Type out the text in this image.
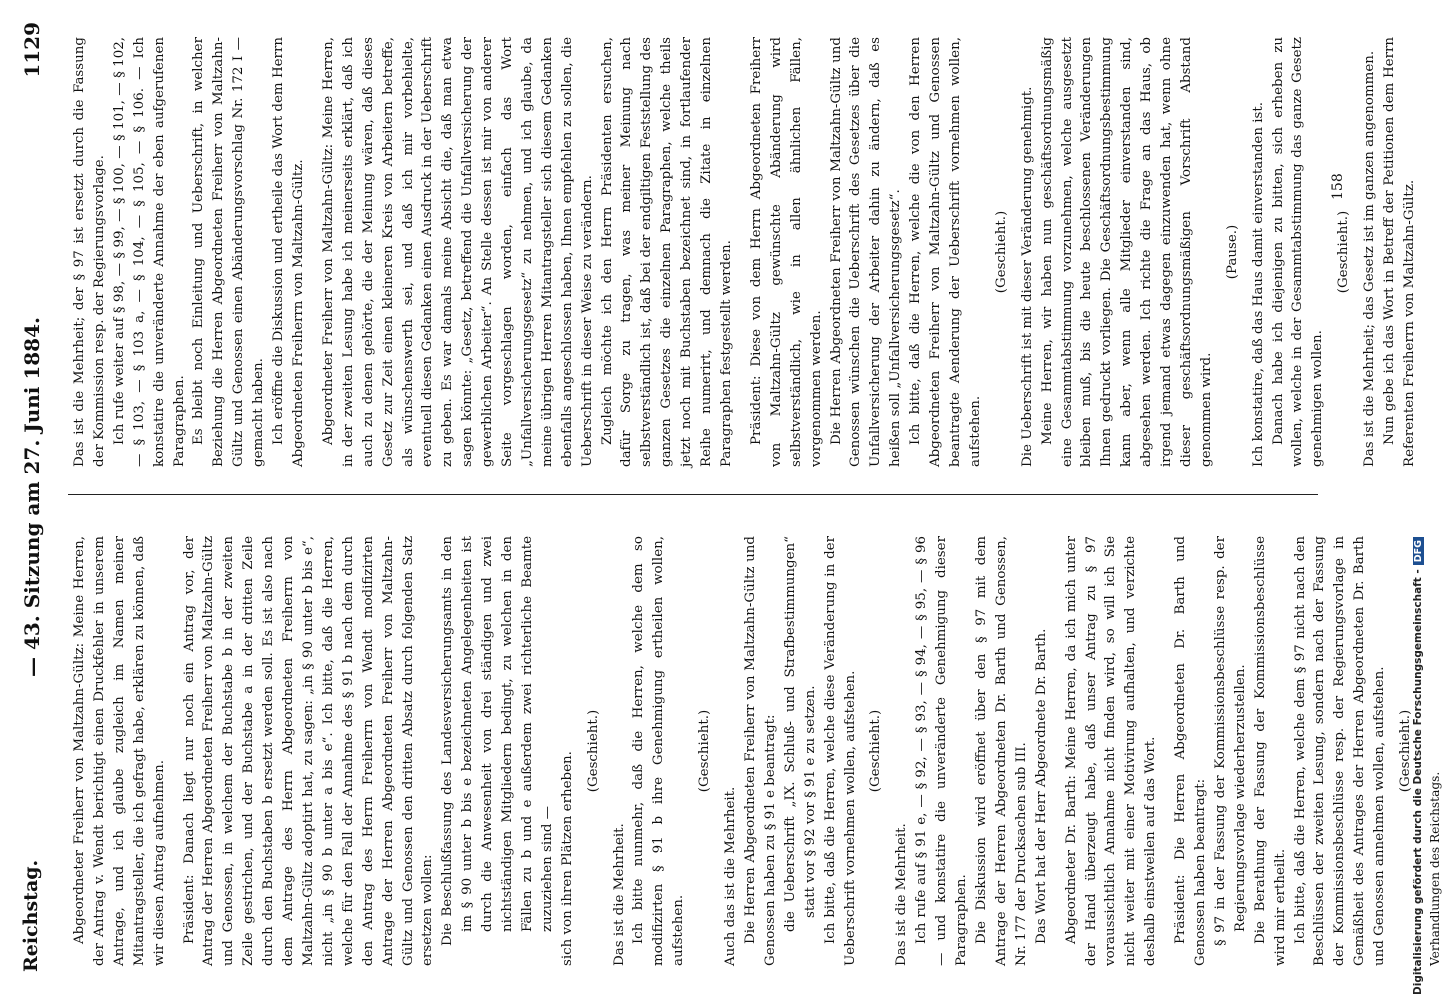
Reichstag.
— 43. Sitzung am 27. Juni 1884.
1129

Abgeordneter Freiherr von Maltzahn-Gültz: Meine Herren, der Antrag v. Wendt berichtigt einen Druckfehler in unserem Antrage, und ich glaube zugleich im Namen meiner Mitantragsteller, die ich gefragt habe, erklären zu können, daß wir diesen Antrag aufnehmen. Präsident: Danach liegt nur noch ein Antrag vor, der Antrag der Herren Abgeordneten Freiherr von Maltzahn-Gültz und Genossen, in welchem der Buchstabe b in der zweiten Zeile gestrichen, und der Buchstabe a in der dritten Zeile durch den Buchstaben b ersetzt werden soll. Es ist also nach dem Antrage des Herrn Abgeordneten Freiherrn von Maltzahn-Gültz adoptirt hat, zu sagen: „in § 90 unter b bis e“, nicht „in § 90 b unter a bis e“. Ich bitte, daß die Herren, welche für den Fall der Annahme des § 91 b nach dem durch den Antrag des Herrn Freiherrn von Wendt modifizirten Antrage der Herren Abgeordneten Freiherr von Maltzahn-Gültz und Genossen den dritten Absatz durch folgenden Satz ersetzen wollen: Die Beschlußfassung des Landesversicherungsamts in den im § 90 unter b bis e bezeichneten Angelegenheiten ist durch die Anwesenheit von drei ständigen und zwei nichtständigen Mitgliedern bedingt, zu welchen in den Fällen zu b und e außerdem zwei richterliche Beamte zuzuziehen sind — sich von ihren Plätzen erheben.

(Geschieht.)

Das ist die Mehrheit. Ich bitte nunmehr, daß die Herren, welche dem so modifizirten § 91 b ihre Genehmigung ertheilen wollen, aufstehen.

(Geschieht.)

Auch das ist die Mehrheit. Die Herren Abgeordneten Freiherr von Maltzahn-Gültz und Genossen haben zu § 91 e beantragt: die Ueberschrift „IX. Schluß- und Strafbestimmungen“ statt vor § 92 vor § 91 e zu setzen. Ich bitte, daß die Herren, welche diese Veränderung in der Ueberschrift vornehmen wollen, aufstehen. (Geschieht.)

Das ist die Mehrheit. Ich rufe auf § 91 e, — § 92, — § 93, — § 94, — § 95, — § 96 — und konstatire die unveränderte Genehmigung dieser Paragraphen. Die Diskussion wird eröffnet über den § 97 mit dem Antrage der Herren Abgeordneten Dr. Barth und Genossen, Nr. 177 der Drucksachen sub III. Das Wort hat der Herr Abgeordnete Dr. Barth. Abgeordneter Dr. Barth: Meine Herren, da ich mich unter der Hand überzeugt habe, daß unser Antrag zu § 97 voraussichtlich Annahme nicht finden wird, so will ich Sie nicht weiter mit einer Motivirung aufhalten, und verzichte deshalb einstweilen auf das Wort. Präsident: Die Herren Abgeordneten Dr. Barth und Genossen haben beantragt: § 97 in der Fassung der Kommissionsbeschlüsse resp. der Regierungsvorlage wiederherzustellen. Die Berathung der Fassung der Kommissionsbeschlüsse wird mir ertheilt. Ich bitte, daß die Herren, welche dem § 97 nicht nach den Beschlüssen der zweiten Lesung, sondern nach der Fassung der Kommissionsbeschlüsse resp. der Regierungsvorlage in Gemäßheit des Antrages der Herren Abgeordneten Dr. Barth und Genossen annehmen wollen, aufstehen. (Geschieht.)

Verhandlungen des Reichstags.

Das ist die Mehrheit; der § 97 ist ersetzt durch die Fassung der Kommission resp. der Regierungsvorlage. Ich rufe weiter auf § 98, — § 99, — § 100, — § 101, — § 102, — § 103, — § 103 a, — § 104, — § 105, — § 106. — Ich konstatire die unveränderte Annahme der eben aufgerufenen Paragraphen. Es bleibt noch Einleitung und Ueberschrift, in welcher Beziehung die Herren Abgeordneten Freiherr von Maltzahn-Gültz und Genossen einen Abänderungsvorschlag Nr. 172 I — gemacht haben. Ich eröffne die Diskussion und ertheile das Wort dem Herrn Abgeordneten Freiherrn von Maltzahn-Gültz. Abgeordneter Freiherr von Maltzahn-Gültz: Meine Herren, in der zweiten Lesung habe ich meinerseits erklärt, daß ich auch zu denen gehörte, die der Meinung wären, daß dieses Gesetz zur Zeit einen kleineren Kreis von Arbeitern betreffe, als wünschenswerth sei, und daß ich mir vorbehielte, eventuell diesen Gedanken einen Ausdruck in der Ueberschrift zu geben. Es war damals meine Absicht die, daß man etwa sagen könnte: „Gesetz, betreffend die Unfallversicherung der gewerblichen Arbeiter“. An Stelle dessen ist mir von anderer Seite vorgeschlagen worden, einfach das Wort „Unfallversicherungsgesetz“ zu nehmen, und ich glaube, da meine übrigen Herren Mitantragsteller sich diesem Gedanken ebenfalls angeschlossen haben, Ihnen empfehlen zu sollen, die Ueberschrift in dieser Weise zu verändern. Zugleich möchte ich den Herrn Präsidenten ersuchen, dafür Sorge zu tragen, was meiner Meinung nach selbstverständlich ist, daß bei der endgiltigen Feststellung des ganzen Gesetzes die einzelnen Paragraphen, welche theils jetzt noch mit Buchstaben bezeichnet sind, in fortlaufender Reihe numerirt, und demnach die Zitate in einzelnen Paragraphen festgestellt werden. Präsident: Diese von dem Herrn Abgeordneten Freiherr von Maltzahn-Gültz gewünschte Abänderung wird selbstverständlich, wie in allen ähnlichen Fällen, vorgenommen werden. Die Herren Abgeordneten Freiherr von Maltzahn-Gültz und Genossen wünschen die Ueberschrift des Gesetzes über die Unfallversicherung der Arbeiter dahin zu ändern, daß es heißen soll „Unfallversicherungsgesetz“. Ich bitte, daß die Herren, welche die von den Herren Abgeordneten Freiherr von Maltzahn-Gültz und Genossen beantragte Aenderung der Ueberschrift vornehmen wollen, aufstehen.

(Geschieht.) Die Ueberschrift ist mit dieser Veränderung genehmigt. Meine Herren, wir haben nun geschäftsordnungsmäßig eine Gesammtabstimmung vorzunehmen, welche ausgesetzt bleiben muß, bis die heute beschlossenen Veränderungen Ihnen gedruckt vorliegen. Die Geschäftsordnungsbestimmung kann aber, wenn alle Mitglieder einverstanden sind, abgesehen werden. Ich richte die Frage an das Haus, ob irgend jemand etwas dagegen einzuwenden hat, wenn ohne dieser geschäftsordnungsmäßigen Vorschrift Abstand genommen wird.

(Pause.) Ich konstatire, daß das Haus damit einverstanden ist. Danach habe ich diejenigen zu bitten, sich erheben zu wollen, welche in der Gesammtabstimmung das ganze Gesetz genehmigen wollen.

(Geschieht.) Das ist die Mehrheit; das Gesetz ist im ganzen angenommen. Nun gebe ich das Wort in Betreff der Petitionen dem Herrn Referenten Freiherrn von Maltzahn-Gültz.

158
Digitalisierung gefördert durch die Deutsche Forschungsgemeinschaft -DFG
